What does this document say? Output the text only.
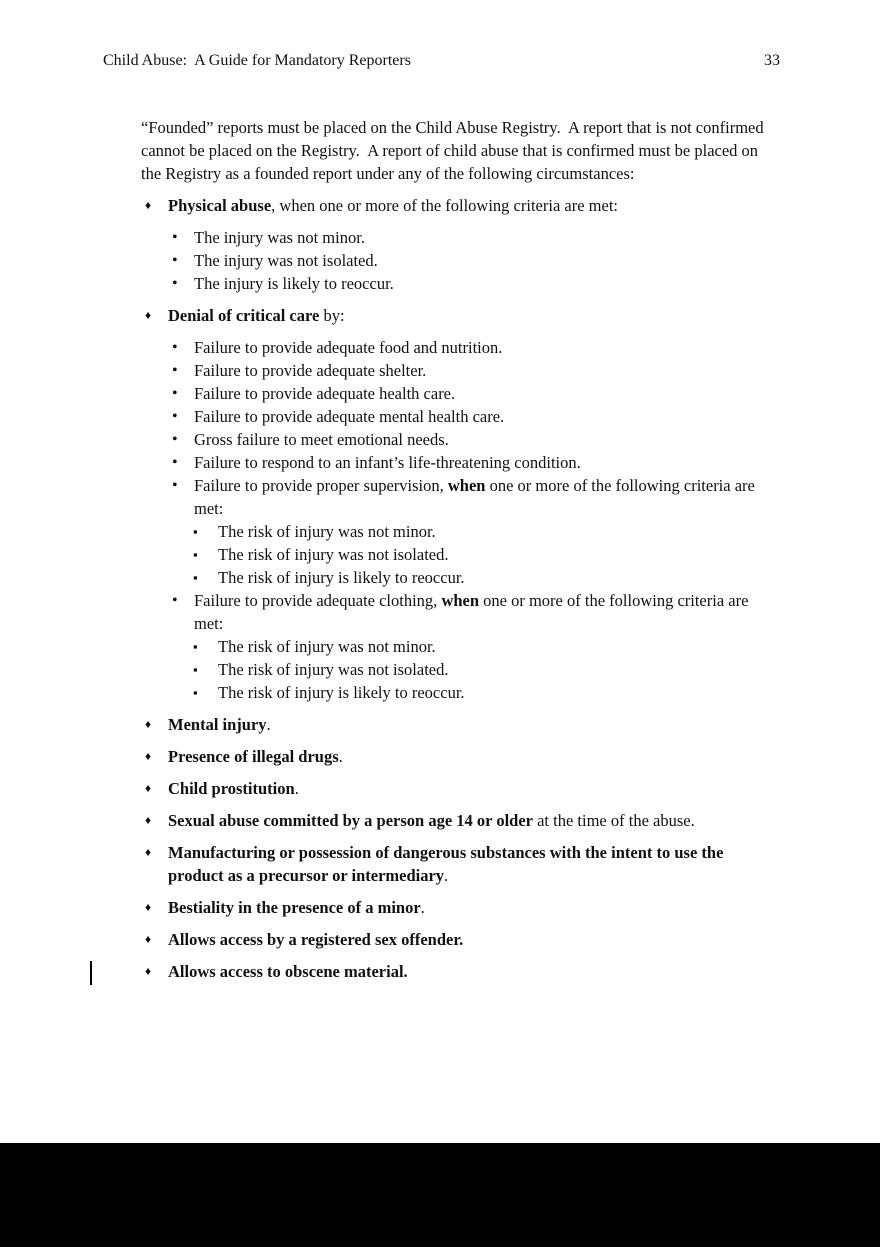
Child Abuse:  A Guide for Mandatory Reporters	33

“Founded” reports must be placed on the Child Abuse Registry.  A report that is not confirmed cannot be placed on the Registry.  A report of child abuse that is confirmed must be placed on the Registry as a founded report under any of the following circumstances:

♦	Physical abuse, when one or more of the following criteria are met:
• The injury was not minor.
• The injury was not isolated.
• The injury is likely to reoccur.
♦	Denial of critical care by:
• Failure to provide adequate food and nutrition.
• Failure to provide adequate shelter.
• Failure to provide adequate health care.
• Failure to provide adequate mental health care.
• Gross failure to meet emotional needs.
• Failure to respond to an infant’s life-threatening condition.
• Failure to provide proper supervision, when one or more of the following criteria are met:
▪	The risk of injury was not minor.
▪	The risk of injury was not isolated.
▪	The risk of injury is likely to reoccur.
• Failure to provide adequate clothing, when one or more of the following criteria are met:
▪	The risk of injury was not minor.
▪	The risk of injury was not isolated.
▪	The risk of injury is likely to reoccur.
♦	Mental injury.
♦	Presence of illegal drugs.
♦	Child prostitution.
♦	Sexual abuse committed by a person age 14 or older at the time of the abuse.
♦	Manufacturing or possession of dangerous substances with the intent to use the product as a precursor or intermediary.
♦	Bestiality in the presence of a minor.
♦	Allows access by a registered sex offender.
♦	Allows access to obscene material.
